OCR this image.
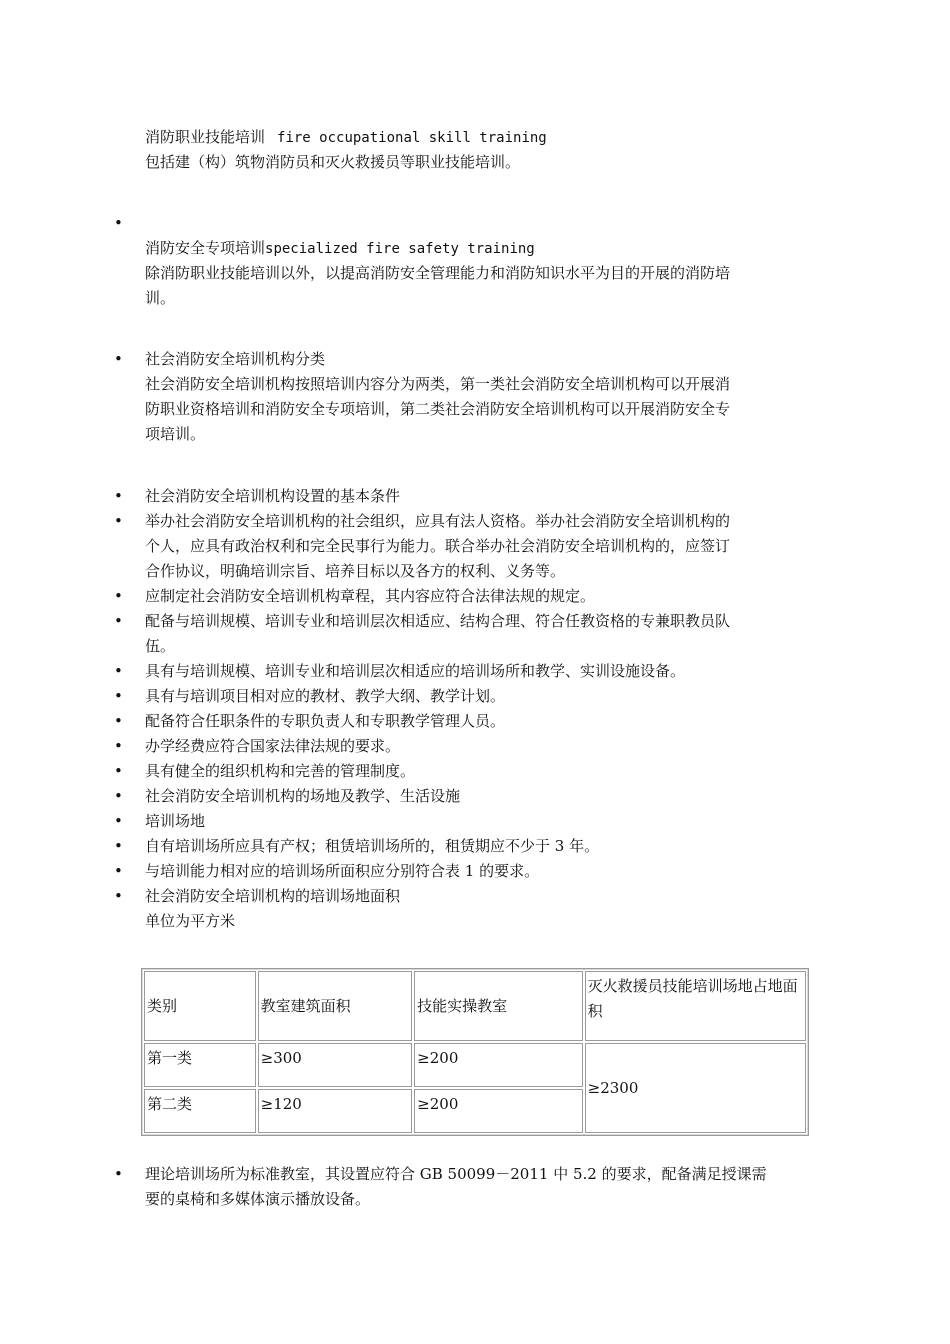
消防职业技能培训 fire occupational skill training
包括建（构）筑物消防员和灭火救援员等职业技能培训。
•
消防安全专项培训specialized fire safety training
除消防职业技能培训以外，以提高消防安全管理能力和消防知识水平为目的开展的消防培
训。
•
社会消防安全培训机构分类
社会消防安全培训机构按照培训内容分为两类，第一类社会消防安全培训机构可以开展消
防职业资格培训和消防安全专项培训，第二类社会消防安全培训机构可以开展消防安全专
项培训。
•
社会消防安全培训机构设置的基本条件
•
举办社会消防安全培训机构的社会组织，应具有法人资格。举办社会消防安全培训机构的
个人，应具有政治权利和完全民事行为能力。联合举办社会消防安全培训机构的，应签订
合作协议，明确培训宗旨、培养目标以及各方的权利、义务等。
•
应制定社会消防安全培训机构章程，其内容应符合法律法规的规定。
•
配备与培训规模、培训专业和培训层次相适应、结构合理、符合任教资格的专兼职教员队
伍。
•
具有与培训规模、培训专业和培训层次相适应的培训场所和教学、实训设施设备。
•
具有与培训项目相对应的教材、教学大纲、教学计划。
•
配备符合任职条件的专职负责人和专职教学管理人员。
•
办学经费应符合国家法律法规的要求。
•
具有健全的组织机构和完善的管理制度。
•
社会消防安全培训机构的场地及教学、生活设施
•
培训场地
•
自有培训场所应具有产权；租赁培训场所的，租赁期应不少于 3 年。
•
与培训能力相对应的培训场所面积应分别符合表 1 的要求。
•
社会消防安全培训机构的培训场地面积
单位为平方米
类别	教室建筑面积	技能实操教室	灭火救援员技能培训场地占地面积
第一类	≥300	≥200	≥2300
第二类	≥120	≥200	
•
理论培训场所为标准教室，其设置应符合 GB 50099－2011 中 5.2 的要求，配备满足授课需
要的桌椅和多媒体演示播放设备。
